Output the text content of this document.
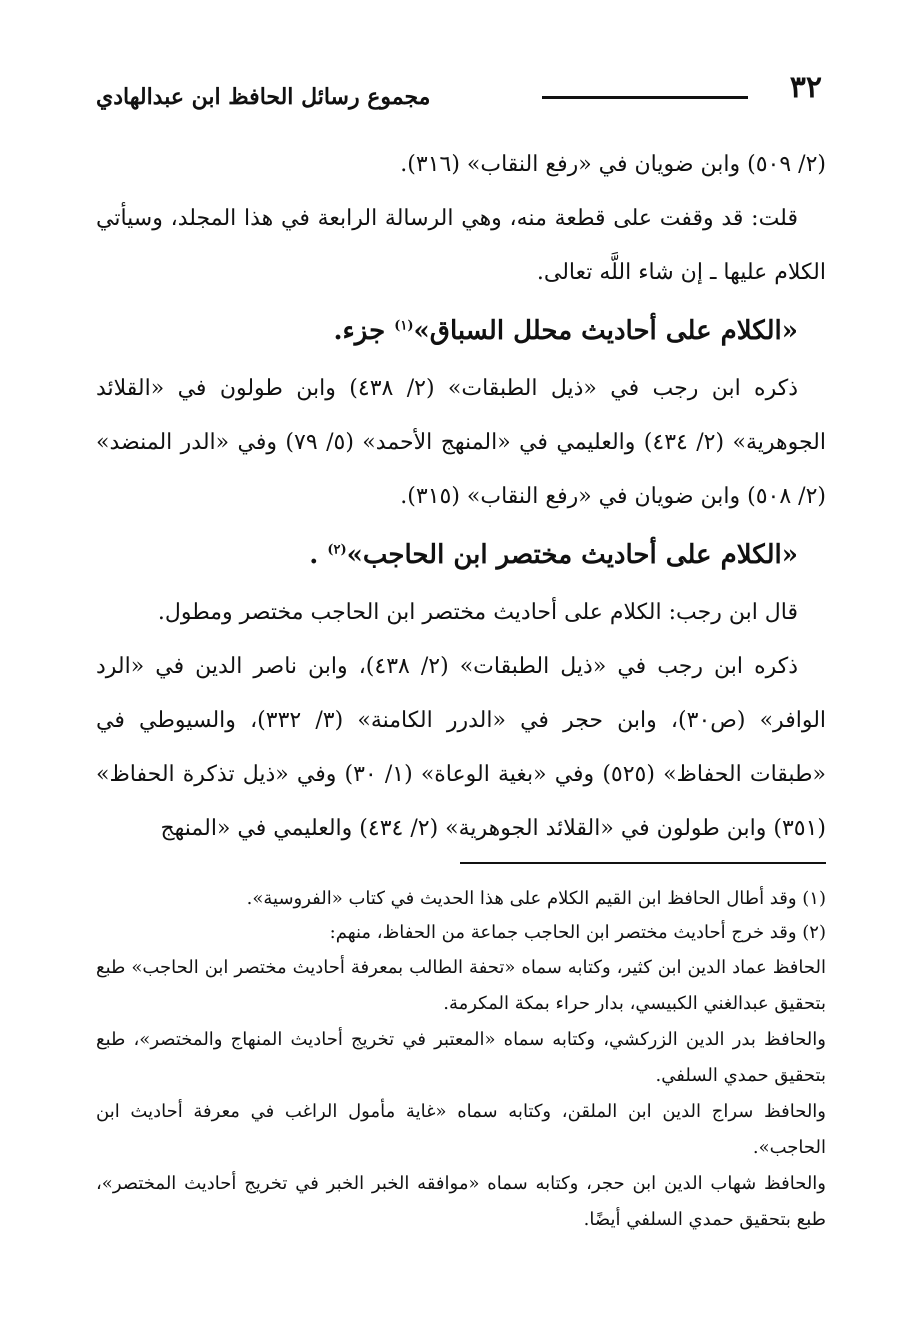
٣٢
مجموع رسائل الحافظ ابن عبدالهادي

(٢/ ٥٠٩) وابن ضويان في «رفع النقاب» (٣١٦).

قلت: قد وقفت على قطعة منه، وهي الرسالة الرابعة في هذا المجلد، وسيأتي الكلام عليها ـ إن شاء اللَّه تعالى.

«الكلام على أحاديث محلل السباق»$^{(١)}$ جزء.

ذكره ابن رجب في «ذيل الطبقات» (٢/ ٤٣٨) وابن طولون في «القلائد الجوهرية» (٢/ ٤٣٤) والعليمي في «المنهج الأحمد» (٥/ ٧٩) وفي «الدر المنضد» (٢/ ٥٠٨) وابن ضويان في «رفع النقاب» (٣١٥).

«الكلام على أحاديث مختصر ابن الحاجب»$^{(٢)}$ .

قال ابن رجب: الكلام على أحاديث مختصر ابن الحاجب مختصر ومطول.

ذكره ابن رجب في «ذيل الطبقات» (٢/ ٤٣٨)، وابن ناصر الدين في «الرد الوافر» (ص٣٠)، وابن حجر في «الدرر الكامنة» (٣/ ٣٣٢)، والسيوطي في «طبقات الحفاظ» (٥٢٥) وفي «بغية الوعاة» (١/ ٣٠) وفي «ذيل تذكرة الحفاظ» (٣٥١) وابن طولون في «القلائد الجوهرية» (٢/ ٤٣٤) والعليمي في «المنهج

(١) وقد أطال الحافظ ابن القيم الكلام على هذا الحديث في كتاب «الفروسية».

(٢) وقد خرج أحاديث مختصر ابن الحاجب جماعة من الحفاظ، منهم:

الحافظ عماد الدين ابن كثير، وكتابه سماه «تحفة الطالب بمعرفة أحاديث مختصر ابن الحاجب» طبع بتحقيق عبدالغني الكبيسي، بدار حراء بمكة المكرمة.

والحافظ بدر الدين الزركشي، وكتابه سماه «المعتبر في تخريج أحاديث المنهاج والمختصر»، طبع بتحقيق حمدي السلفي.

والحافظ سراج الدين ابن الملقن، وكتابه سماه «غاية مأمول الراغب في معرفة أحاديث ابن الحاجب».

والحافظ شهاب الدين ابن حجر، وكتابه سماه «موافقه الخبر الخبر في تخريج أحاديث المختصر»، طبع بتحقيق حمدي السلفي أيضًا.
